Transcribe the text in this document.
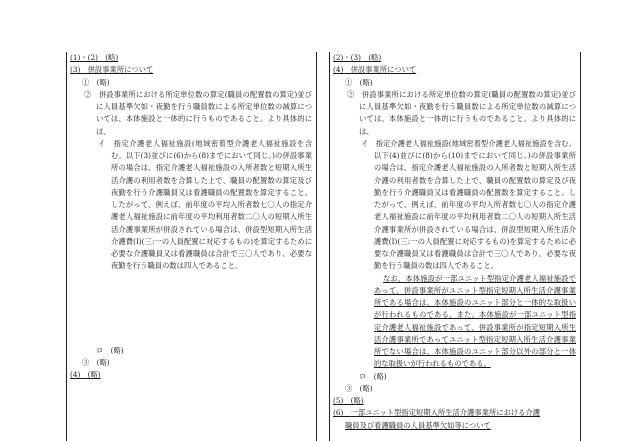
(1)・(2)　(略)
(3)　併設事業所について
①　(略)
②　 併設事業所における所定単位数の算定(職員の配置数の算定)並びに人員基準欠如・夜勤を行う職員数による所定単位数の減算については、本体施設と一体的に行うものであること。より具体的には、
イ　 指定介護老人福祉施設(地域密着型介護老人福祉施設を含む。以下(3)並びに(6)から(8)までにおいて同じ。)の併設事業所の場合は、指定介護老人福祉施設の入所者数と短期入所生活介護の利用者数を合算した上で、職員の配置数の算定及び夜勤を行う介護職員又は看護職員の配置数を算定すること。したがって、例えば、前年度の平均入所者数七〇人の指定介護老人福祉施設に前年度の平均利用者数二〇人の短期入所生活介護事業所が併設されている場合は、併設型短期入所生活介護費(I)(三:一の人員配置に対応するもの)を算定するために必要な介護職員又は看護職員は合計で三〇人であり、必要な夜勤を行う職員の数は四人であること。
ロ　(略)
③　(略)
(4)　(略)
(2)・(3)　(略)
(4)　併設事業所について
①　(略)
②　 併設事業所における所定単位数の算定(職員の配置数の算定)並びに人員基準欠如・夜勤を行う職員数による所定単位数の減算については、本体施設と一体的に行うものであること。より具体的には、
イ　 指定介護老人福祉施設(地域密着型介護老人福祉施設を含む。以下(4)並びに(8)から(10)までにおいて同じ。)の併設事業所の場合は、指定介護老人福祉施設の入所者数と短期入所生活介護の利用者数を合算した上で、職員の配置数の算定及び夜勤を行う介護職員又は看護職員の配置数を算定すること。したがって、例えば、前年度の平均入所者数七〇人の指定介護老人福祉施設に前年度の平均利用者数二〇人の短期入所生活介護事業所が併設されている場合は、併設型短期入所生活介護費(I)(三:一の人員配置に対応するもの)を算定するために必要な介護職員又は看護職員は合計で三〇人であり、必要な夜勤を行う職員の数は四人であること。
なお、本体施設が一部ユニット型指定介護老人福祉施設であって、併設事業所がユニット型指定短期入所生活介護事業所である場合は、本体施設のユニット部分と一体的な取扱いが行われるものである。また、本体施設が一部ユニット型指定介護老人福祉施設であって、併設事業所が指定短期入所生活介護事業所であってユニット型指定短期入所生活介護事業所でない場合は、本体施設のユニット部分以外の部分と一体的な取扱いが行われるものである。
ロ　(略)
③　(略)
(5)　(略)
(6)　一部ユニット型指定短期入所生活介護事業所における介護
職員及び看護職員の人員基準欠如等について
